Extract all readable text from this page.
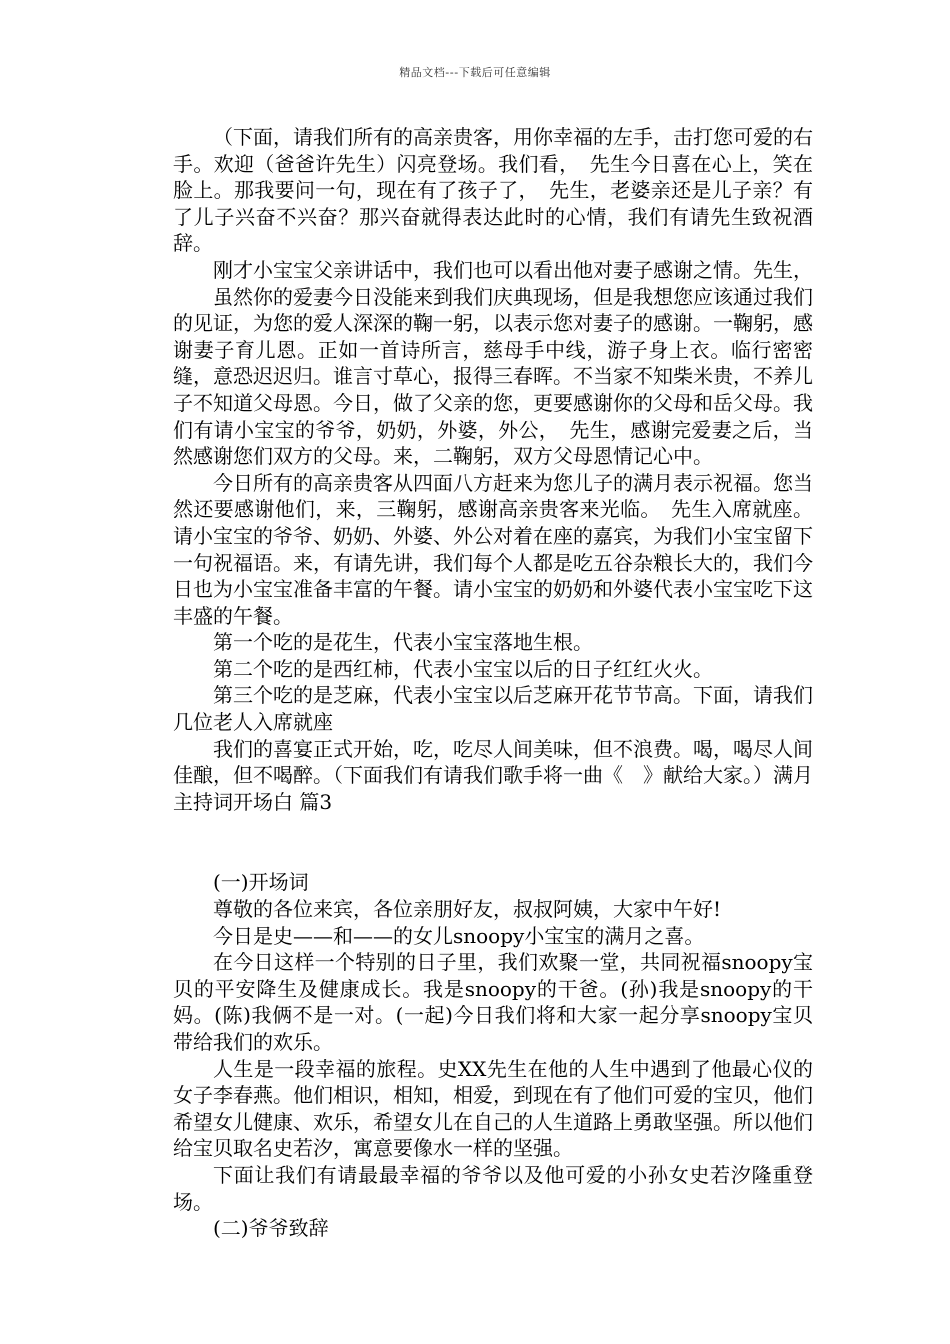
精品文档---下载后可任意编辑

（下面，请我们所有的高亲贵客，用你幸福的左手，击打您可爱的右手。欢迎（爸爸许先生）闪亮登场。我们看，　先生今日喜在心上，笑在脸上。那我要问一句，现在有了孩子了，　先生，老婆亲还是儿子亲？有了儿子兴奋不兴奋？那兴奋就得表达此时的心情，我们有请先生致祝酒辞。

刚才小宝宝父亲讲话中，我们也可以看出他对妻子感谢之情。先生，

虽然你的爱妻今日没能来到我们庆典现场，但是我想您应该通过我们的见证，为您的爱人深深的鞠一躬，以表示您对妻子的感谢。一鞠躬，感谢妻子育儿恩。正如一首诗所言，慈母手中线，游子身上衣。临行密密缝，意恐迟迟归。谁言寸草心，报得三春晖。不当家不知柴米贵，不养儿子不知道父母恩。今日，做了父亲的您，更要感谢你的父母和岳父母。我们有请小宝宝的爷爷，奶奶，外婆，外公，　先生，感谢完爱妻之后，当然感谢您们双方的父母。来，二鞠躬，双方父母恩情记心中。

今日所有的高亲贵客从四面八方赶来为您儿子的满月表示祝福。您当然还要感谢他们，来，三鞠躬，感谢高亲贵客来光临。　先生入席就座。请小宝宝的爷爷、奶奶、外婆、外公对着在座的嘉宾，为我们小宝宝留下一句祝福语。来，有请先讲，我们每个人都是吃五谷杂粮长大的，我们今日也为小宝宝准备丰富的午餐。请小宝宝的奶奶和外婆代表小宝宝吃下这丰盛的午餐。

第一个吃的是花生，代表小宝宝落地生根。

第二个吃的是西红柿，代表小宝宝以后的日子红红火火。

第三个吃的是芝麻，代表小宝宝以后芝麻开花节节高。下面，请我们几位老人入席就座

我们的喜宴正式开始，吃，吃尽人间美味，但不浪费。喝，喝尽人间佳酿，但不喝醉。（下面我们有请我们歌手将一曲《　》献给大家。）满月主持词开场白 篇3

(一)开场词

尊敬的各位来宾，各位亲朋好友，叔叔阿姨，大家中午好!

今日是史——和——的女儿snoopy小宝宝的满月之喜。

在今日这样一个特别的日子里，我们欢聚一堂，共同祝福snoopy宝贝的平安降生及健康成长。我是snoopy的干爸。(孙)我是snoopy的干妈。(陈)我俩不是一对。(一起)今日我们将和大家一起分享snoopy宝贝带给我们的欢乐。

人生是一段幸福的旅程。史XX先生在他的人生中遇到了他最心仪的女子李春燕。他们相识，相知，相爱，到现在有了他们可爱的宝贝，他们希望女儿健康、欢乐，希望女儿在自己的人生道路上勇敢坚强。所以他们给宝贝取名史若汐，寓意要像水一样的坚强。

下面让我们有请最最幸福的爷爷以及他可爱的小孙女史若汐隆重登场。

(二)爷爷致辞
